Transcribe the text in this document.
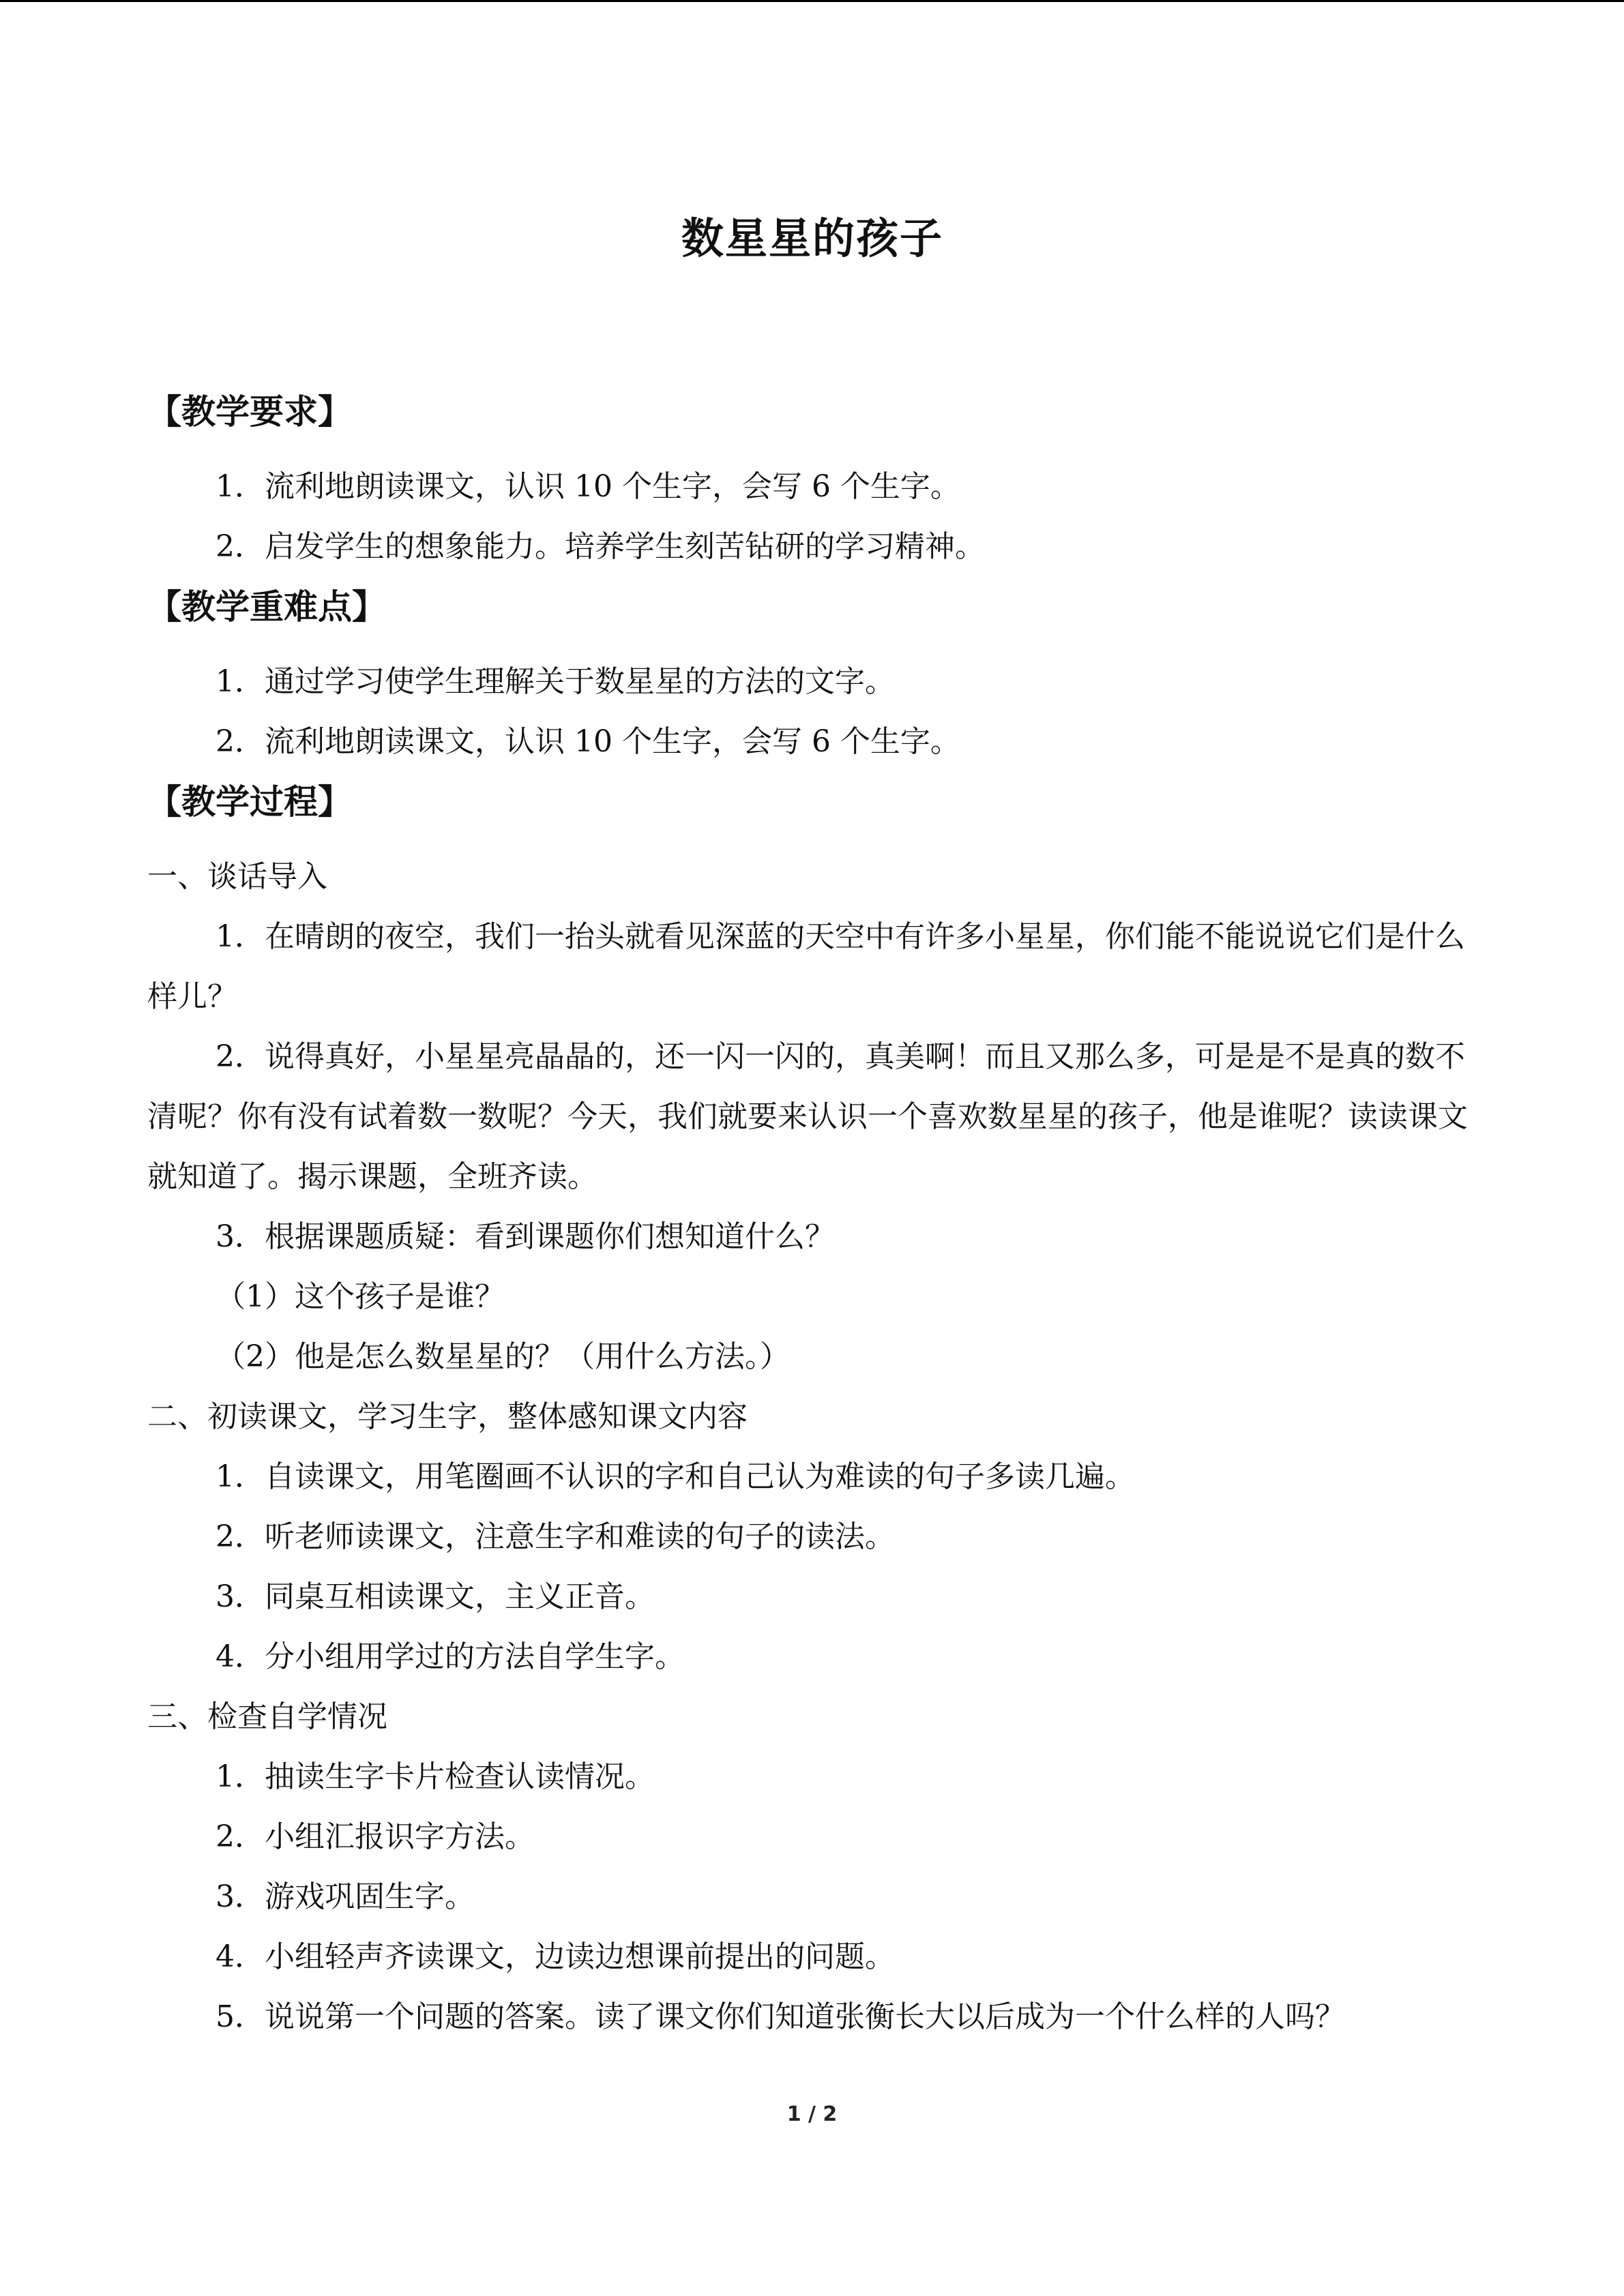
数星星的孩子
【教学要求】
1．流利地朗读课文，认识 10 个生字，会写 6 个生字。
2．启发学生的想象能力。培养学生刻苦钻研的学习精神。
【教学重难点】
1．通过学习使学生理解关于数星星的方法的文字。
2．流利地朗读课文，认识 10 个生字，会写 6 个生字。
【教学过程】
一、谈话导入

1．在晴朗的夜空，我们一抬头就看见深蓝的天空中有许多小星星，你们能不能说说它们是什么样儿？

2．说得真好，小星星亮晶晶的，还一闪一闪的，真美啊！而且又那么多，可是是不是真的数不清呢？你有没有试着数一数呢？今天，我们就要来认识一个喜欢数星星的孩子，他是谁呢？读读课文就知道了。揭示课题，全班齐读。

3．根据课题质疑：看到课题你们想知道什么？
（1）这个孩子是谁？
（2）他是怎么数星星的？（用什么方法。）
二、初读课文，学习生字，整体感知课文内容
1．自读课文，用笔圈画不认识的字和自己认为难读的句子多读几遍。
2．听老师读课文，注意生字和难读的句子的读法。
3．同桌互相读课文，主义正音。
4．分小组用学过的方法自学生字。
三、检查自学情况
1．抽读生字卡片检查认读情况。
2．小组汇报识字方法。
3．游戏巩固生字。
4．小组轻声齐读课文，边读边想课前提出的问题。
5．说说第一个问题的答案。读了课文你们知道张衡长大以后成为一个什么样的人吗？
1 / 2
